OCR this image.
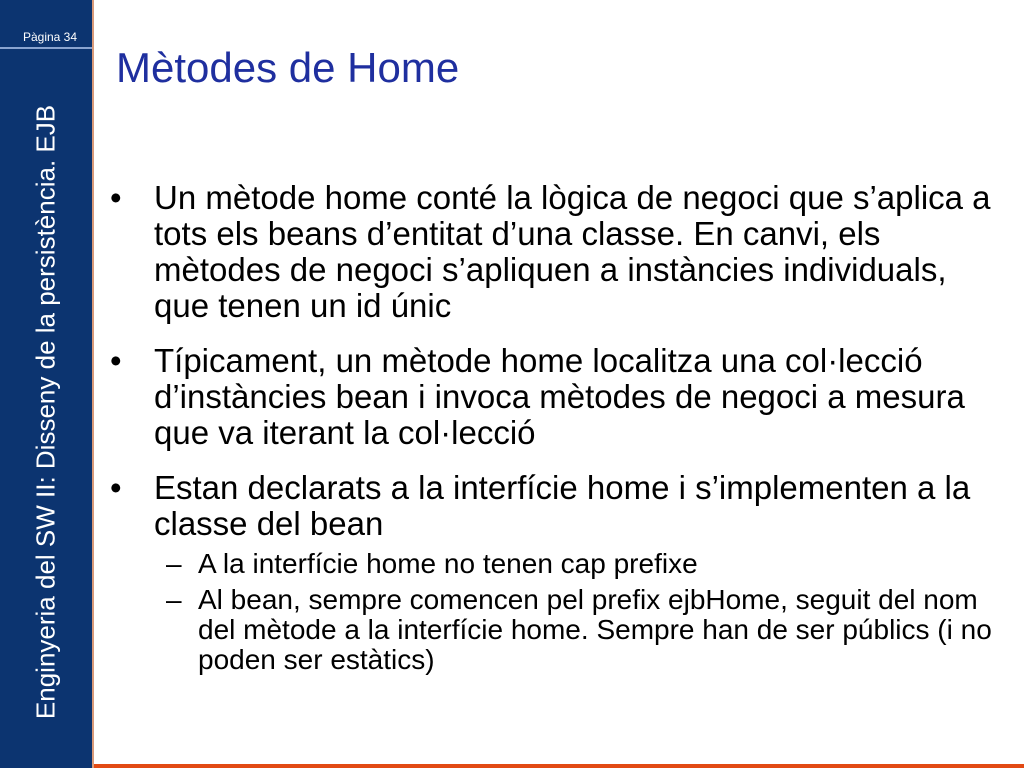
Pàgina 34
Enginyeria del SW II: Disseny de la persistència. EJB
Mètodes de Home
• Un mètode home conté la lògica de negoci que s’aplica a tots els beans d’entitat d’una classe. En canvi, els mètodes de negoci s’apliquen a instàncies individuals, que tenen un id únic
• Típicament, un mètode home localitza una col·lecció d’instàncies bean i invoca mètodes de negoci a mesura que va iterant la col·lecció
• Estan declarats a la interfície home i s’implementen a la classe del bean
– A la interfície home no tenen cap prefixe
– Al bean, sempre comencen pel prefix ejbHome, seguit del nom del mètode a la interfície home. Sempre han de ser públics (i no poden ser estàtics)
